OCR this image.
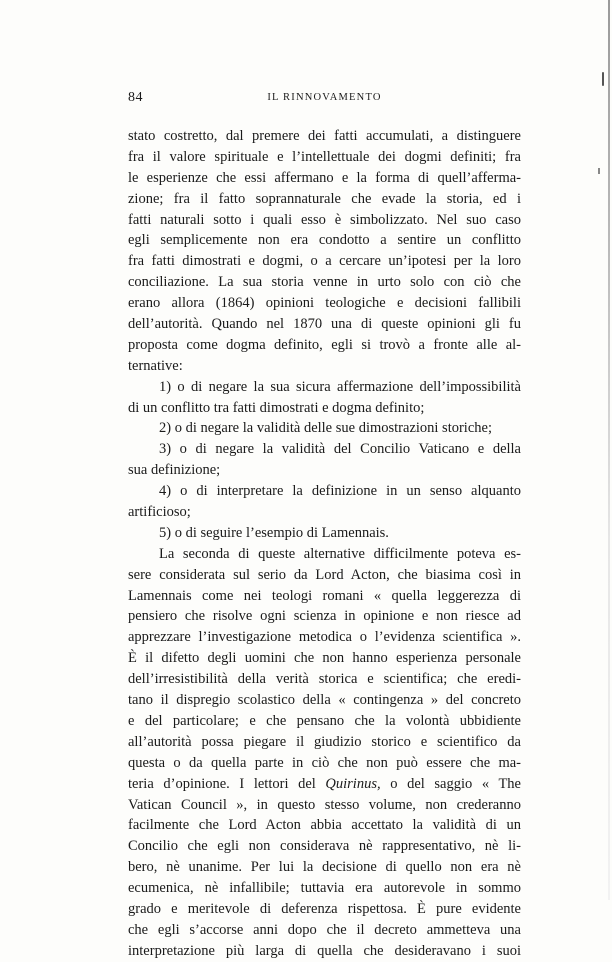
84	IL RINNOVAMENTO
stato costretto, dal premere dei fatti accumulati, a distinguere
fra il valore spirituale e l’intellettuale dei dogmi definiti; fra
le esperienze che essi affermano e la forma di quell’afferma-
zione; fra il fatto soprannaturale che evade la storia, ed i
fatti naturali sotto i quali esso è simbolizzato. Nel suo caso
egli semplicemente non era condotto a sentire un conflitto
fra fatti dimostrati e dogmi, o a cercare un’ipotesi per la loro
conciliazione. La sua storia venne in urto solo con ciò che
erano allora (1864) opinioni teologiche e decisioni fallibili
dell’autorità. Quando nel 1870 una di queste opinioni gli fu
proposta come dogma definito, egli si trovò a fronte alle al-
ternative:
1) o di negare la sua sicura affermazione dell’impossibilità
di un conflitto tra fatti dimostrati e dogma definito;
2) o di negare la validità delle sue dimostrazioni storiche;
3) o di negare la validità del Concilio Vaticano e della
sua definizione;
4) o di interpretare la definizione in un senso alquanto
artificioso;
5) o di seguire l’esempio di Lamennais.
La seconda di queste alternative difficilmente poteva es-
sere considerata sul serio da Lord Acton, che biasima così in
Lamennais come nei teologi romani « quella leggerezza di
pensiero che risolve ogni scienza in opinione e non riesce ad
apprezzare l’investigazione metodica o l’evidenza scientifica ».
È il difetto degli uomini che non hanno esperienza personale
dell’irresistibilità della verità storica e scientifica; che eredi-
tano il dispregio scolastico della « contingenza » del concreto
e del particolare; e che pensano che la volontà ubbidiente
all’autorità possa piegare il giudizio storico e scientifico da
questa o da quella parte in ciò che non può essere che ma-
teria d’opinione. I lettori del Quirinus, o del saggio « The
Vatican Council », in questo stesso volume, non crederanno
facilmente che Lord Acton abbia accettato la validità di un
Concilio che egli non considerava nè rappresentativo, nè li-
bero, nè unanime. Per lui la decisione di quello non era nè
ecumenica, nè infallibile; tuttavia era autorevole in sommo
grado e meritevole di deferenza rispettosa. È pure evidente
che egli s’accorse anni dopo che il decreto ammetteva una
interpretazione più larga di quella che desideravano i suoi
